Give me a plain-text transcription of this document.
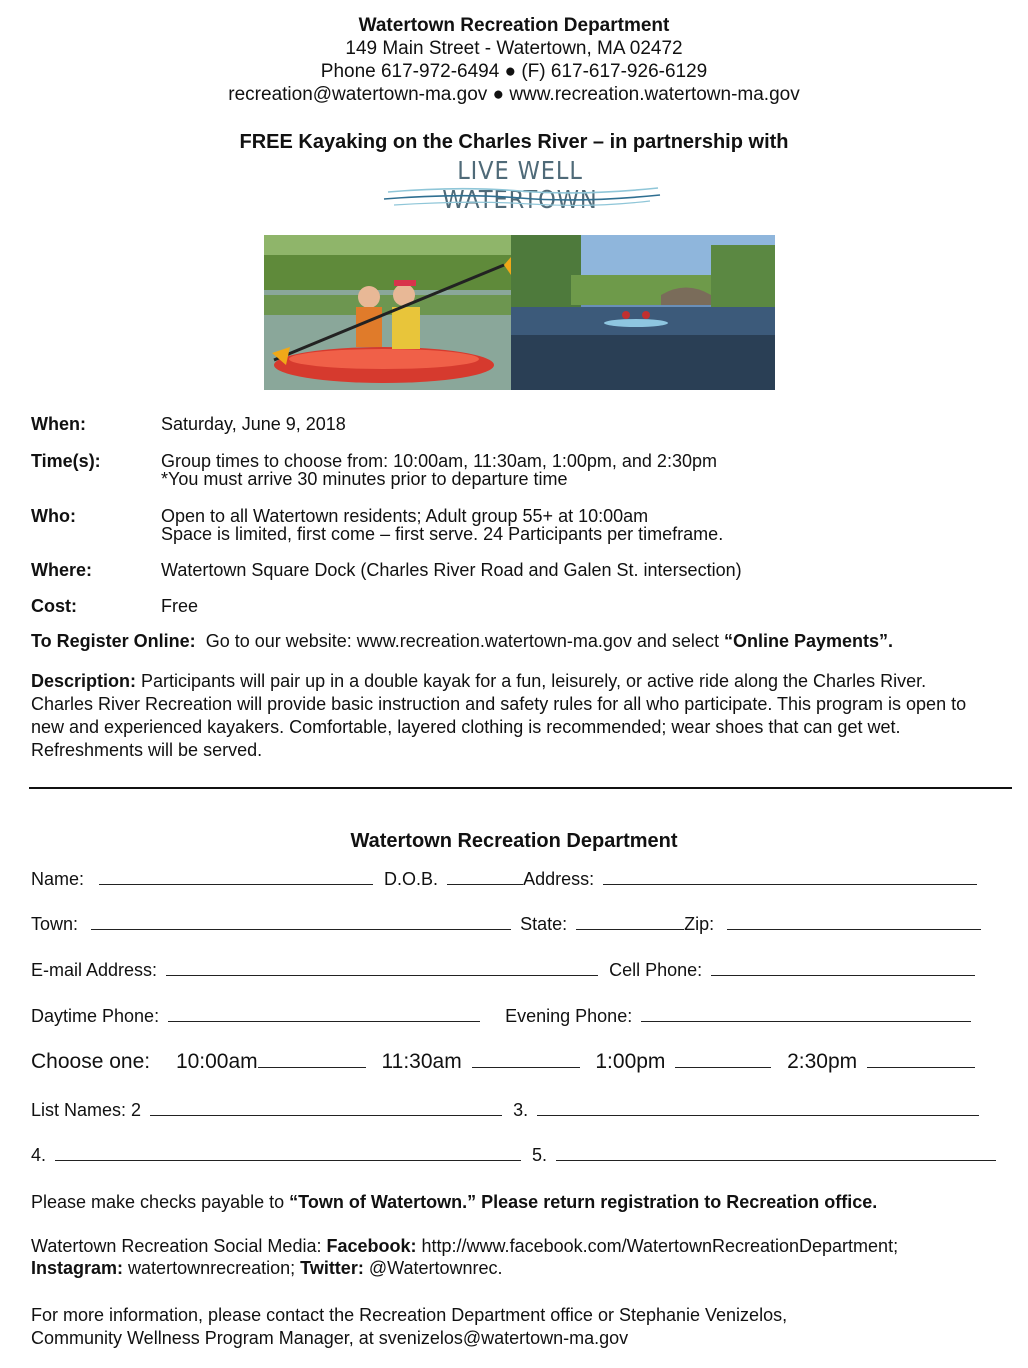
Watertown Recreation Department
149 Main Street - Watertown, MA 02472
Phone 617-972-6494 ● (F) 617-617-926-6129
recreation@watertown-ma.gov ● www.recreation.watertown-ma.gov
FREE Kayaking on the Charles River – in partnership with
LIVE WELL WATERTOWN
When:	Saturday, June 9, 2018
Time(s):	Group times to choose from: 10:00am, 11:30am, 1:00pm, and 2:30pm
*You must arrive 30 minutes prior to departure time
Who:	Open to all Watertown residents; Adult group 55+ at 10:00am
Space is limited, first come – first serve. 24 Participants per timeframe.
Where:	Watertown Square Dock (Charles River Road and Galen St. intersection)
Cost:	Free
To Register Online: Go to our website: www.recreation.watertown-ma.gov and select “Online Payments”.
Description: Participants will pair up in a double kayak for a fun, leisurely, or active ride along the Charles River. Charles River Recreation will provide basic instruction and safety rules for all who participate. This program is open to new and experienced kayakers. Comfortable, layered clothing is recommended; wear shoes that can get wet. Refreshments will be served.
Watertown Recreation Department
Name:	D.O.B.	Address:
Town:	State:	Zip:
E-mail Address:	Cell Phone:
Daytime Phone:	Evening Phone:
Choose one: 10:00am	11:30am	1:00pm	2:30pm
List Names: 2	3.
4.	5.
Please make checks payable to “Town of Watertown.” Please return registration to Recreation office.
Watertown Recreation Social Media: Facebook: http://www.facebook.com/WatertownRecreationDepartment;
Instagram: watertownrecreation; Twitter: @Watertownrec.
For more information, please contact the Recreation Department office or Stephanie Venizelos,
Community Wellness Program Manager, at svenizelos@watertown-ma.gov
